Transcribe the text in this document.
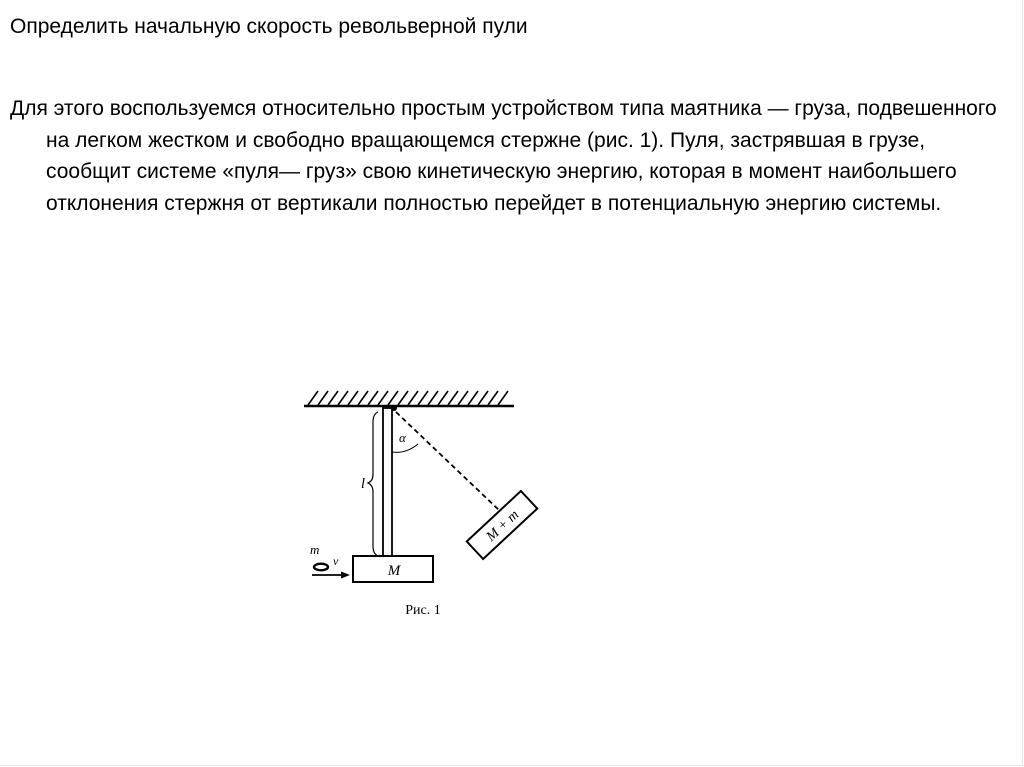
Определить начальную скорость револьверной пули
Для этого воспользуемся относительно простым устройством типа маятника — груза, подвешенного на легком жестком и свободно вращающемся стержне (рис. 1). Пуля, застрявшая в грузе, сообщит системе «пуля— груз» свою кинетическую энергию, которая в момент наибольшего отклонения стержня от вертикали полностью перейдет в потенциальную энергию системы.
α
M + m
l
M
m
v
Рис. 1
